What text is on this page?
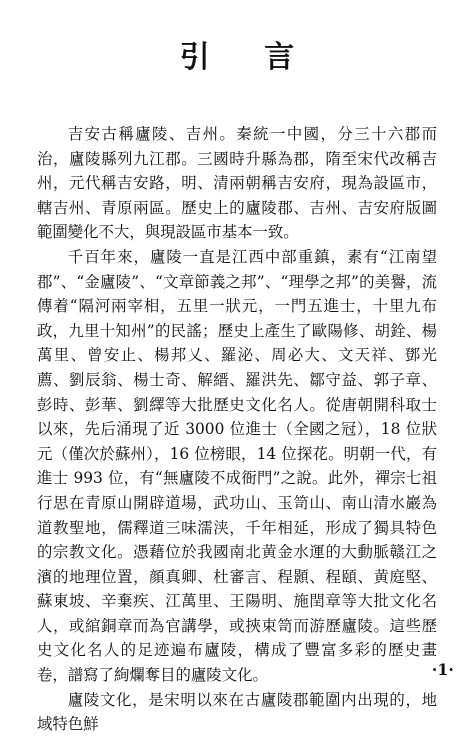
引 言

吉安古稱廬陵、吉州。秦統一中國，分三十六郡而治，廬陵縣列九江郡。三國時升縣為郡，隋至宋代改稱吉州，元代稱吉安路，明、清兩朝稱吉安府，現為設區市，轄吉州、青原兩區。歷史上的廬陵郡、吉州、吉安府版圖範圍變化不大，與現設區市基本一致。

千百年來，廬陵一直是江西中部重鎮，素有“江南望郡”、“金廬陵”、“文章節義之邦”、“理學之邦”的美譽，流傳着“隔河兩宰相，五里一狀元，一門五進士，十里九布政，九里十知州”的民謠；歷史上產生了歐陽修、胡銓、楊萬里、曾安止、楊邦乂、羅泌、周必大、文天祥、鄧光薦、劉辰翁、楊士奇、解縉、羅洪先、鄒守益、郭子章、彭時、彭華、劉繹等大批歷史文化名人。從唐朝開科取士以來，先后涌現了近 3000 位進士（全國之冠），18 位狀元（僅次於蘇州），16 位榜眼，14 位探花。明朝一代，有進士 993 位，有“無廬陵不成衙門”之說。此外，禪宗七祖行思在青原山開辟道場，武功山、玉笥山、南山清水巖為道教聖地，儒釋道三味濡浃，千年相延，形成了獨具特色的宗教文化。憑藉位於我國南北黄金水運的大動脈赣江之濱的地理位置，顔真卿、杜審言、程顥、程頤、黄庭堅、蘇東坡、辛棄疾、江萬里、王陽明、施閏章等大批文化名人，或綰銅章而為官講學，或挾束笥而游歷廬陵。這些歷史文化名人的足迹遍布廬陵，構成了豐富多彩的歷史畫卷，譜寫了絢爛奪目的廬陵文化。

廬陵文化，是宋明以來在古廬陵郡範圍内出現的，地域特色鮮

·1·
